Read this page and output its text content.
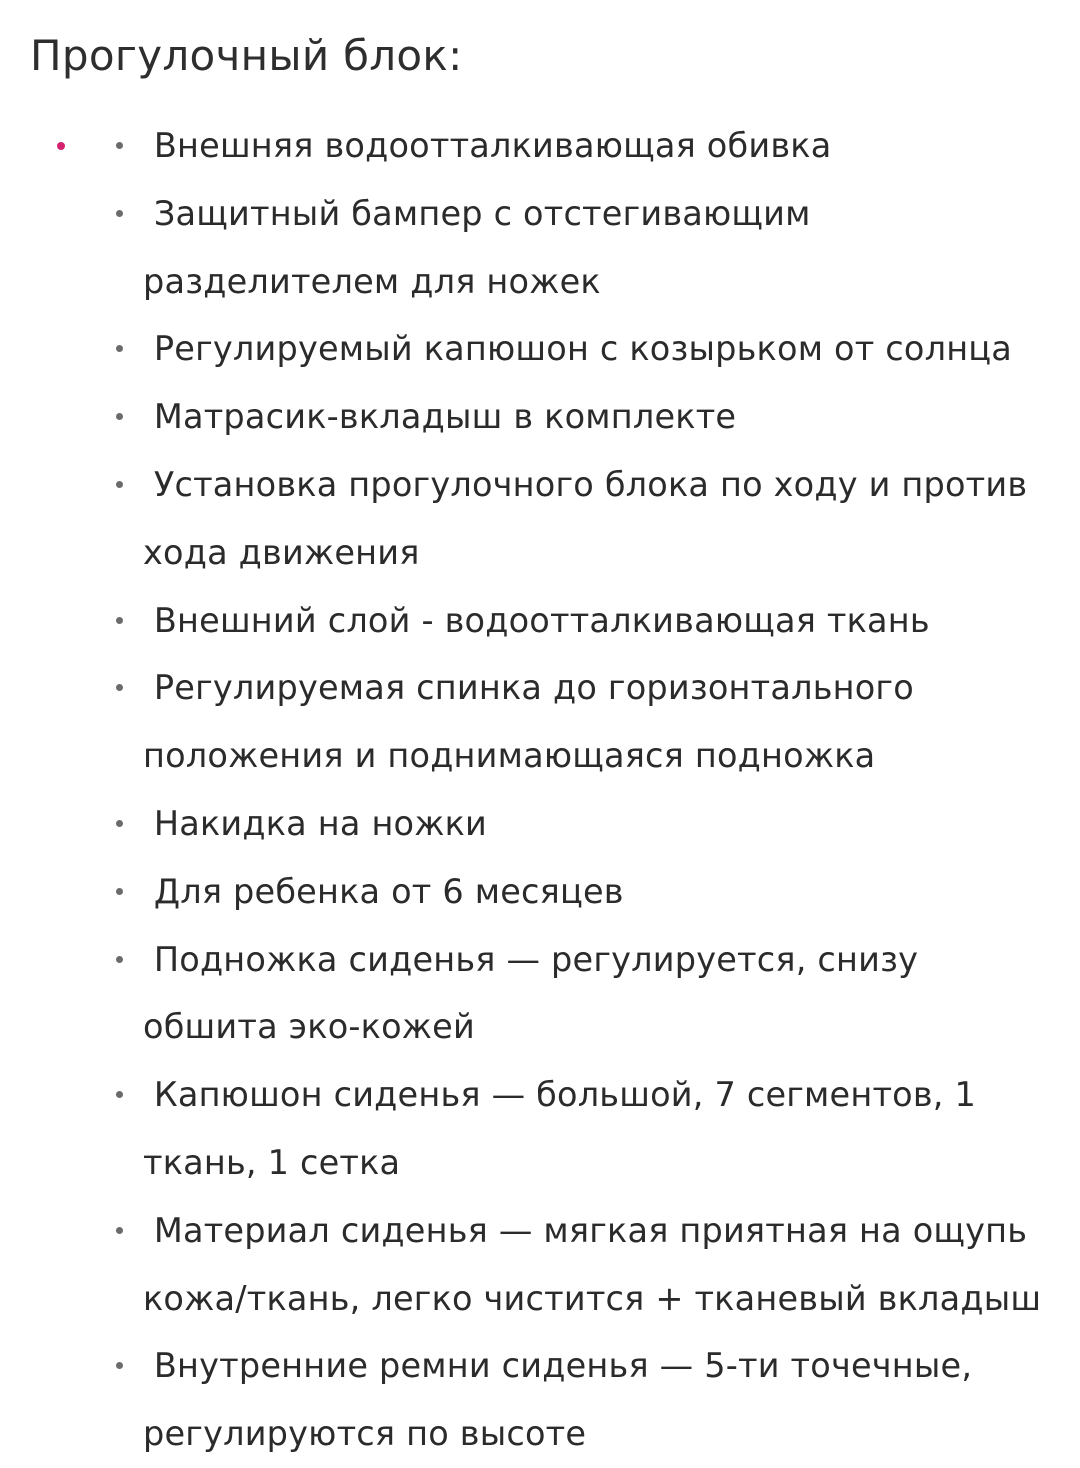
Прогулочный блок:
Внешняя водоотталкивающая обивка
Защитный бампер с отстегивающим разделителем для ножек
Регулируемый капюшон с козырьком от солнца
Матрасик-вкладыш в комплекте
Установка прогулочного блока по ходу и против хода движения
Внешний слой - водоотталкивающая ткань
Регулируемая спинка до горизонтального положения и поднимающаяся подножка
Накидка на ножки
Для ребенка от 6 месяцев
Подножка сиденья — регулируется, снизу обшита эко-кожей
Капюшон сиденья — большой, 7 сегментов, 1 ткань, 1 сетка
Материал сиденья — мягкая приятная на ощупь кожа/ткань, легко чистится + тканевый вкладыш
Внутренние ремни сиденья — 5-ти точечные, регулируются по высоте
